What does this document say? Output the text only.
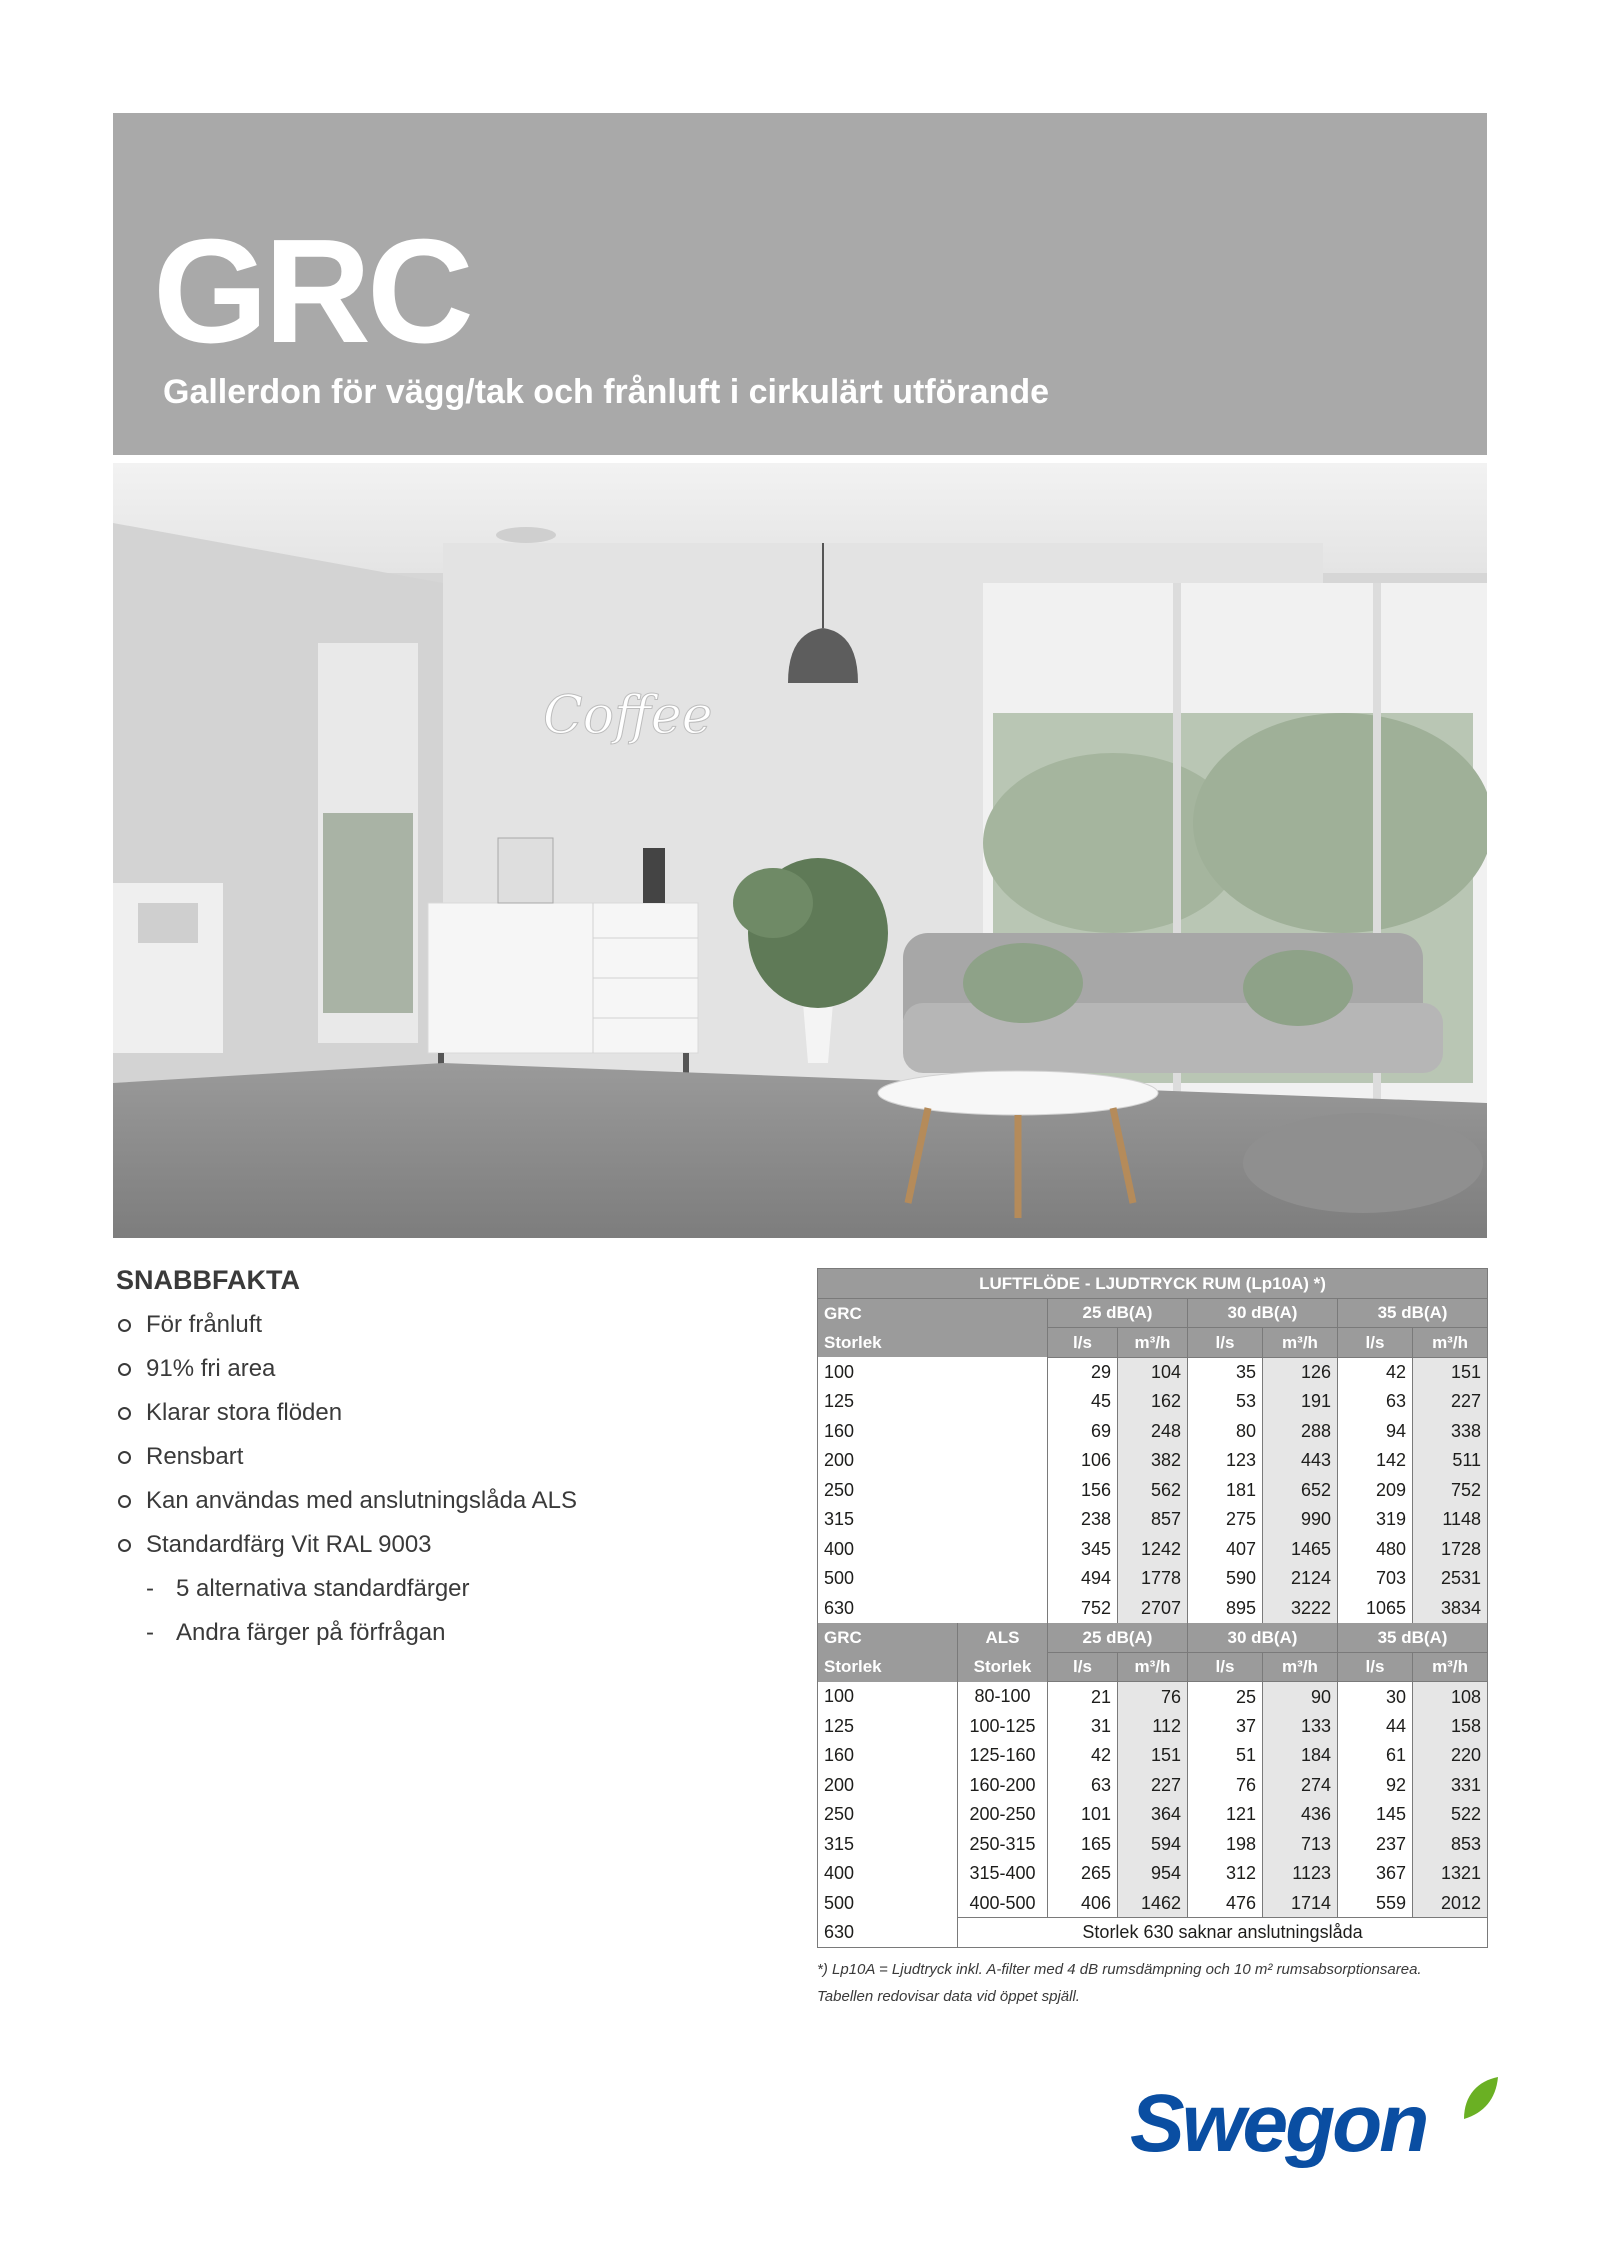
GRC
Gallerdon för vägg/tak och frånluft i cirkulärt utförande
Coffee
SNABBFAKTA
För frånluft
91% fri area
Klarar stora flöden
Rensbart
Kan användas med anslutningslåda ALS
Standardfärg Vit RAL 9003
- 5 alternativa standardfärger
- Andra färger på förfrågan
LUFTFLÖDE - LJUDTRYCK RUM (Lp10A) *)							
GRC		25 dB(A)		30 dB(A)		35 dB(A)	
Storlek		l/s	m³/h	l/s	m³/h	l/s	m³/h
100		29	104	35	126	42	151
125		45	162	53	191	63	227
160		69	248	80	288	94	338
200		106	382	123	443	142	511
250		156	562	181	652	209	752
315		238	857	275	990	319	1148
400		345	1242	407	1465	480	1728
500		494	1778	590	2124	703	2531
630		752	2707	895	3222	1065	3834
GRC	ALS	25 dB(A)		30 dB(A)		35 dB(A)	
Storlek	Storlek	l/s	m³/h	l/s	m³/h	l/s	m³/h
100	80-100	21	76	25	90	30	108
125	100-125	31	112	37	133	44	158
160	125-160	42	151	51	184	61	220
200	160-200	63	227	76	274	92	331
250	200-250	101	364	121	436	145	522
315	250-315	165	594	198	713	237	853
400	315-400	265	954	312	1123	367	1321
500	400-500	406	1462	476	1714	559	2012
630	Storlek 630 saknar anslutningslåda						

*) Lp10A = Ljudtryck inkl. A-filter med 4 dB rumsdämpning och 10 m² rumsabsorptionsarea.

Tabellen redovisar data vid öppet spjäll.

Swegon
